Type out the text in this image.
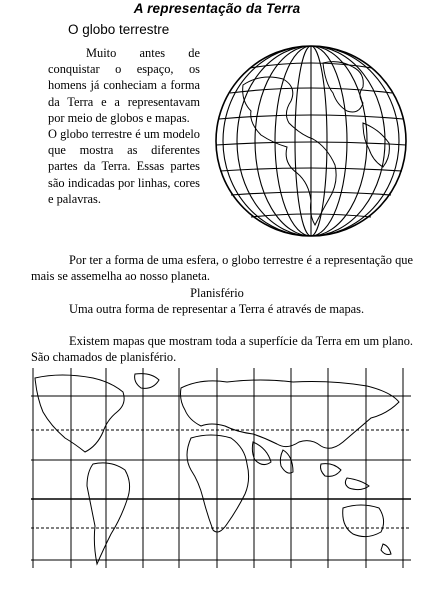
A representação da Terra
O globo terrestre

Muito antes de conquistar o espaço, os homens já conheciam a forma da Terra e a representavam por meio de globos e mapas.

O globo terrestre é um modelo que mostra as diferentes partes da Terra. Essas partes são indicadas por linhas, cores e palavras.

Por ter a forma de uma esfera, o globo terrestre é a representação que mais se assemelha ao nosso planeta.

Planisfério

Uma outra forma de representar a Terra é através de mapas.

Existem mapas que mostram toda a superfície da Terra em um plano. São chamados de planisfério.
